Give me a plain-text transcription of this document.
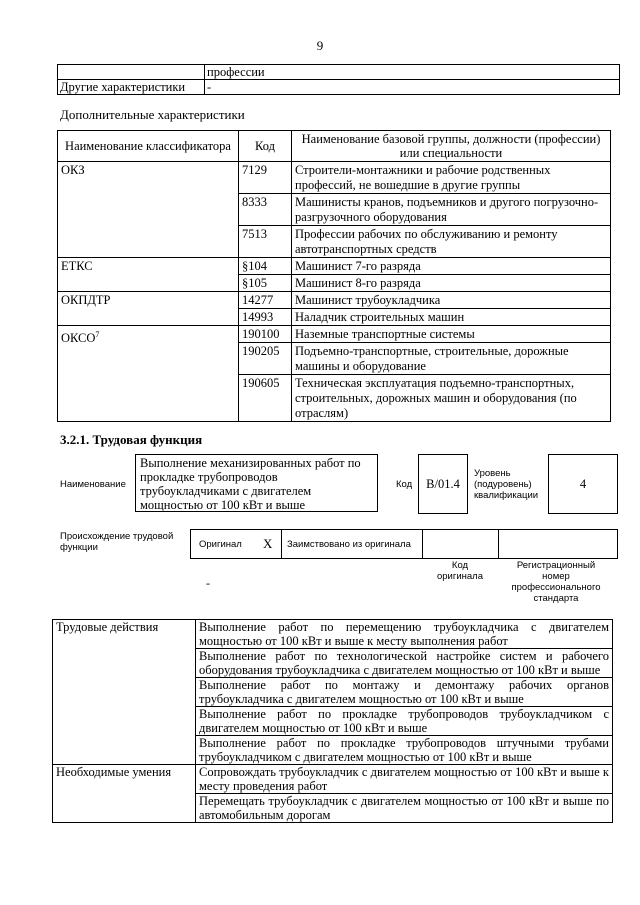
9
	профессии
Другие характеристики	-
Дополнительные характеристики
Наименование классификатора	Код	Наименование базовой группы, должности (профессии) или специальности
ОКЗ	7129	Строители-монтажники и рабочие родственных профессий, не вошедшие в другие группы
	8333	Машинисты кранов, подъемников и другого погрузочно-разгрузочного оборудования
	7513	Профессии рабочих по обслуживанию и ремонту автотранспортных средств
ЕТКС	§104	Машинист 7-го разряда
	§105	Машинист 8-го разряда
ОКПДТР	14277	Машинист трубоукладчика
	14993	Наладчик строительных машин
ОКСО$^7$	190100	Наземные транспортные системы
	190205	Подъемно-транспортные, строительные, дорожные машины и оборудование
	190605	Техническая эксплуатация подъемно-транспортных, строительных, дорожных машин и оборудования (по отраслям)
3.2.1. Трудовая функция
Наименование
Выполнение механизированных работ по прокладке трубопроводов трубоукладчиками с двигателем мощностью от 100 кВт и выше
Код	B/01.4
Уровень (подуровень) квалификации
4
Происхождение трудовой функции	Оригинал X Заимствовано из оригинала
-
Код оригинала
Регистрационный номер профессионального стандарта
Трудовые действия	Выполнение работ по перемещению трубоукладчика с двигателем мощностью от 100 кВт и выше к месту выполнения работ
	Выполнение работ по технологической настройке систем и рабочего оборудования трубоукладчика с двигателем мощностью от 100 кВт и выше
	Выполнение работ по монтажу и демонтажу рабочих органов трубоукладчика с двигателем мощностью от 100 кВт и выше
	Выполнение работ по прокладке трубопроводов трубоукладчиком с двигателем мощностью от 100 кВт и выше
	Выполнение работ по прокладке трубопроводов штучными трубами трубоукладчиком с двигателем мощностью от 100 кВт и выше
Необходимые умения	Сопровождать трубоукладчик с двигателем мощностью от 100 кВт и выше к месту проведения работ
	Перемещать трубоукладчик с двигателем мощностью от 100 кВт и выше по автомобильным дорогам
